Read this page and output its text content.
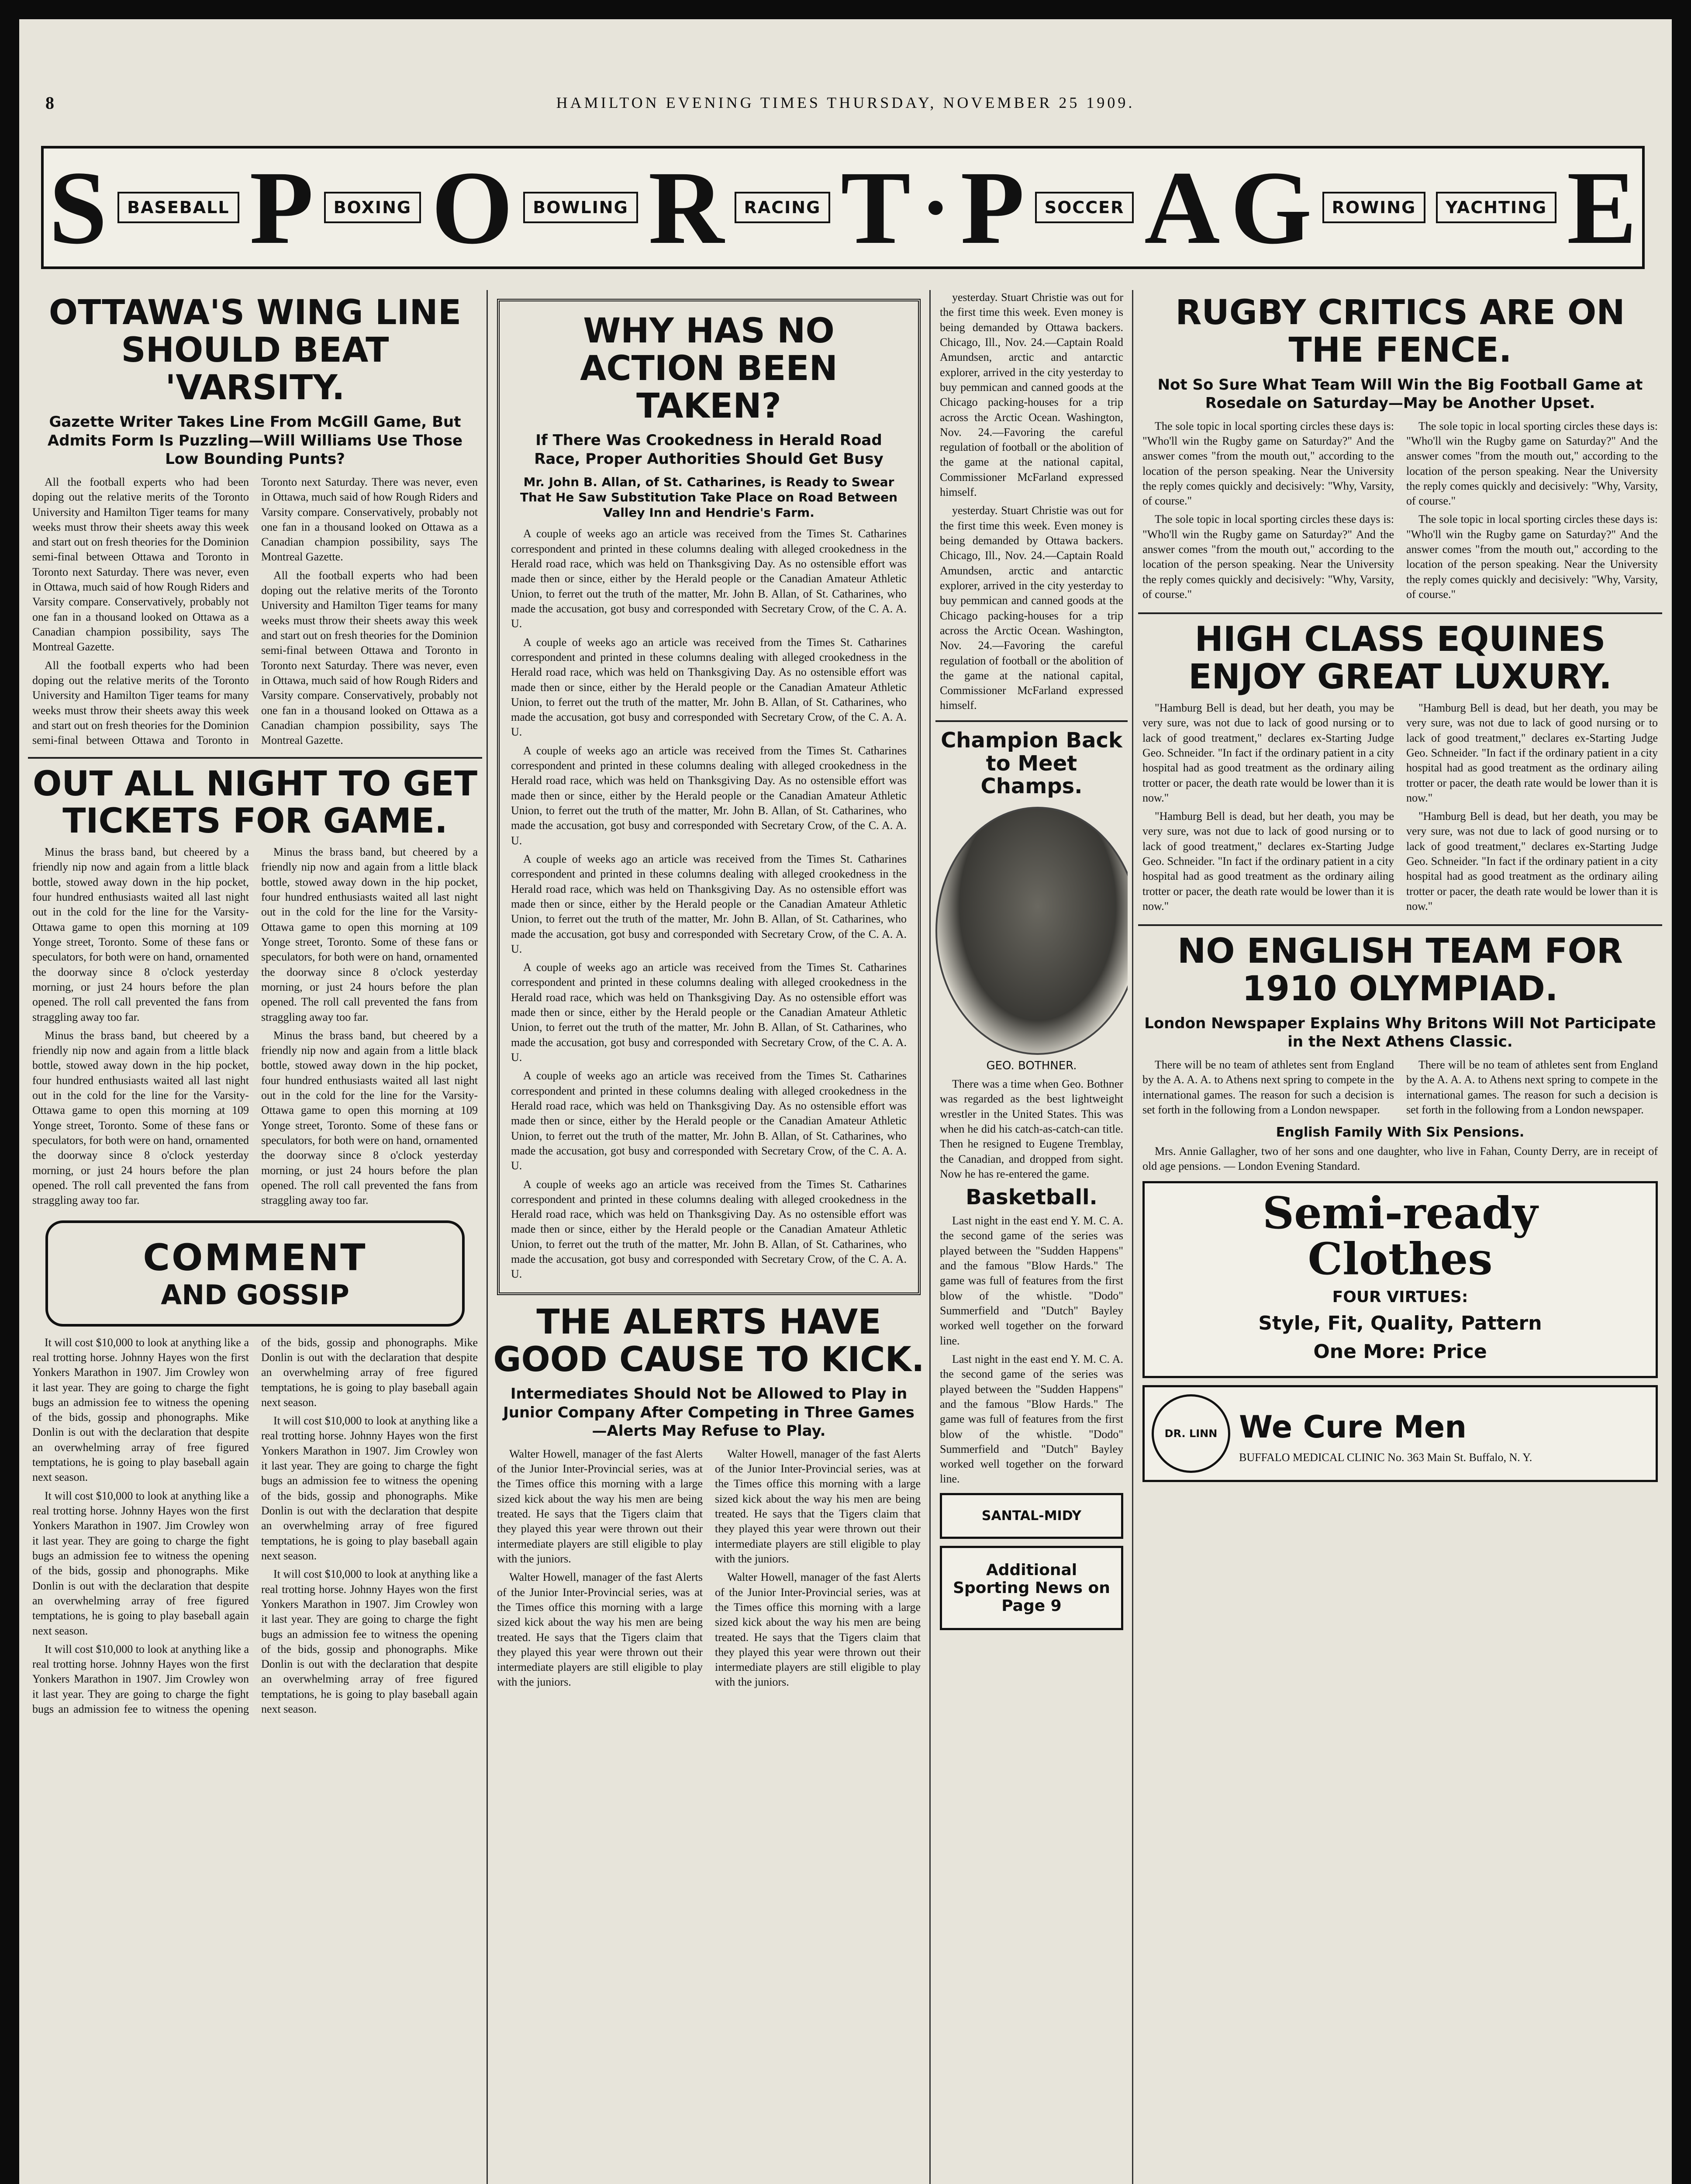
8	HAMILTON EVENING TIMES THURSDAY, NOVEMBER 25 1909.
S	BASEBALL P	BOXING O	BOWLING R	RACING T · P	SOCCER A G	ROWING	YACHTING E
OTTAWA'S WING LINE SHOULD BEAT 'VARSITY.
Gazette Writer Takes Line From McGill Game, But Admits Form Is Puzzling—Will Williams Use Those Low Bounding Punts?

All the football experts who had been doping out the relative merits of the Toronto University and Hamilton Tiger teams for many weeks must throw their sheets away this week and start out on fresh theories for the Dominion semi-final between Ottawa and Toronto in Toronto next Saturday. There was never, even in Ottawa, much said of how Rough Riders and Varsity compare. Conservatively, probably not one fan in a thousand looked on Ottawa as a Canadian champion possibility, says The Montreal Gazette.

All the football experts who had been doping out the relative merits of the Toronto University and Hamilton Tiger teams for many weeks must throw their sheets away this week and start out on fresh theories for the Dominion semi-final between Ottawa and Toronto in Toronto next Saturday. There was never, even in Ottawa, much said of how Rough Riders and Varsity compare. Conservatively, probably not one fan in a thousand looked on Ottawa as a Canadian champion possibility, says The Montreal Gazette.

All the football experts who had been doping out the relative merits of the Toronto University and Hamilton Tiger teams for many weeks must throw their sheets away this week and start out on fresh theories for the Dominion semi-final between Ottawa and Toronto in Toronto next Saturday. There was never, even in Ottawa, much said of how Rough Riders and Varsity compare. Conservatively, probably not one fan in a thousand looked on Ottawa as a Canadian champion possibility, says The Montreal Gazette.

OUT ALL NIGHT TO GET TICKETS FOR GAME.

Minus the brass band, but cheered by a friendly nip now and again from a little black bottle, stowed away down in the hip pocket, four hundred enthusiasts waited all last night out in the cold for the line for the Varsity-Ottawa game to open this morning at 109 Yonge street, Toronto. Some of these fans or speculators, for both were on hand, ornamented the doorway since 8 o'clock yesterday morning, or just 24 hours before the plan opened. The roll call prevented the fans from straggling away too far.

Minus the brass band, but cheered by a friendly nip now and again from a little black bottle, stowed away down in the hip pocket, four hundred enthusiasts waited all last night out in the cold for the line for the Varsity-Ottawa game to open this morning at 109 Yonge street, Toronto. Some of these fans or speculators, for both were on hand, ornamented the doorway since 8 o'clock yesterday morning, or just 24 hours before the plan opened. The roll call prevented the fans from straggling away too far.

Minus the brass band, but cheered by a friendly nip now and again from a little black bottle, stowed away down in the hip pocket, four hundred enthusiasts waited all last night out in the cold for the line for the Varsity-Ottawa game to open this morning at 109 Yonge street, Toronto. Some of these fans or speculators, for both were on hand, ornamented the doorway since 8 o'clock yesterday morning, or just 24 hours before the plan opened. The roll call prevented the fans from straggling away too far.

Minus the brass band, but cheered by a friendly nip now and again from a little black bottle, stowed away down in the hip pocket, four hundred enthusiasts waited all last night out in the cold for the line for the Varsity-Ottawa game to open this morning at 109 Yonge street, Toronto. Some of these fans or speculators, for both were on hand, ornamented the doorway since 8 o'clock yesterday morning, or just 24 hours before the plan opened. The roll call prevented the fans from straggling away too far.

COMMENT
AND GOSSIP

It will cost $10,000 to look at anything like a real trotting horse. Johnny Hayes won the first Yonkers Marathon in 1907. Jim Crowley won it last year. They are going to charge the fight bugs an admission fee to witness the opening of the bids, gossip and phonographs. Mike Donlin is out with the declaration that despite an overwhelming array of free figured temptations, he is going to play baseball again next season.

It will cost $10,000 to look at anything like a real trotting horse. Johnny Hayes won the first Yonkers Marathon in 1907. Jim Crowley won it last year. They are going to charge the fight bugs an admission fee to witness the opening of the bids, gossip and phonographs. Mike Donlin is out with the declaration that despite an overwhelming array of free figured temptations, he is going to play baseball again next season.

It will cost $10,000 to look at anything like a real trotting horse. Johnny Hayes won the first Yonkers Marathon in 1907. Jim Crowley won it last year. They are going to charge the fight bugs an admission fee to witness the opening of the bids, gossip and phonographs. Mike Donlin is out with the declaration that despite an overwhelming array of free figured temptations, he is going to play baseball again next season.

It will cost $10,000 to look at anything like a real trotting horse. Johnny Hayes won the first Yonkers Marathon in 1907. Jim Crowley won it last year. They are going to charge the fight bugs an admission fee to witness the opening of the bids, gossip and phonographs. Mike Donlin is out with the declaration that despite an overwhelming array of free figured temptations, he is going to play baseball again next season.

It will cost $10,000 to look at anything like a real trotting horse. Johnny Hayes won the first Yonkers Marathon in 1907. Jim Crowley won it last year. They are going to charge the fight bugs an admission fee to witness the opening of the bids, gossip and phonographs. Mike Donlin is out with the declaration that despite an overwhelming array of free figured temptations, he is going to play baseball again next season.

WHY HAS NO ACTION BEEN TAKEN?
If There Was Crookedness in Herald Road Race, Proper Authorities Should Get Busy
Mr. John B. Allan, of St. Catharines, is Ready to Swear That He Saw Substitution Take Place on Road Between Valley Inn and Hendrie's Farm.

A couple of weeks ago an article was received from the Times St. Catharines correspondent and printed in these columns dealing with alleged crookedness in the Herald road race, which was held on Thanksgiving Day. As no ostensible effort was made then or since, either by the Herald people or the Canadian Amateur Athletic Union, to ferret out the truth of the matter, Mr. John B. Allan, of St. Catharines, who made the accusation, got busy and corresponded with Secretary Crow, of the C. A. A. U.

A couple of weeks ago an article was received from the Times St. Catharines correspondent and printed in these columns dealing with alleged crookedness in the Herald road race, which was held on Thanksgiving Day. As no ostensible effort was made then or since, either by the Herald people or the Canadian Amateur Athletic Union, to ferret out the truth of the matter, Mr. John B. Allan, of St. Catharines, who made the accusation, got busy and corresponded with Secretary Crow, of the C. A. A. U.

A couple of weeks ago an article was received from the Times St. Catharines correspondent and printed in these columns dealing with alleged crookedness in the Herald road race, which was held on Thanksgiving Day. As no ostensible effort was made then or since, either by the Herald people or the Canadian Amateur Athletic Union, to ferret out the truth of the matter, Mr. John B. Allan, of St. Catharines, who made the accusation, got busy and corresponded with Secretary Crow, of the C. A. A. U.

A couple of weeks ago an article was received from the Times St. Catharines correspondent and printed in these columns dealing with alleged crookedness in the Herald road race, which was held on Thanksgiving Day. As no ostensible effort was made then or since, either by the Herald people or the Canadian Amateur Athletic Union, to ferret out the truth of the matter, Mr. John B. Allan, of St. Catharines, who made the accusation, got busy and corresponded with Secretary Crow, of the C. A. A. U.

A couple of weeks ago an article was received from the Times St. Catharines correspondent and printed in these columns dealing with alleged crookedness in the Herald road race, which was held on Thanksgiving Day. As no ostensible effort was made then or since, either by the Herald people or the Canadian Amateur Athletic Union, to ferret out the truth of the matter, Mr. John B. Allan, of St. Catharines, who made the accusation, got busy and corresponded with Secretary Crow, of the C. A. A. U.

A couple of weeks ago an article was received from the Times St. Catharines correspondent and printed in these columns dealing with alleged crookedness in the Herald road race, which was held on Thanksgiving Day. As no ostensible effort was made then or since, either by the Herald people or the Canadian Amateur Athletic Union, to ferret out the truth of the matter, Mr. John B. Allan, of St. Catharines, who made the accusation, got busy and corresponded with Secretary Crow, of the C. A. A. U.

A couple of weeks ago an article was received from the Times St. Catharines correspondent and printed in these columns dealing with alleged crookedness in the Herald road race, which was held on Thanksgiving Day. As no ostensible effort was made then or since, either by the Herald people or the Canadian Amateur Athletic Union, to ferret out the truth of the matter, Mr. John B. Allan, of St. Catharines, who made the accusation, got busy and corresponded with Secretary Crow, of the C. A. A. U.

THE ALERTS HAVE GOOD CAUSE TO KICK.
Intermediates Should Not be Allowed to Play in Junior Company After Competing in Three Games—Alerts May Refuse to Play.

Walter Howell, manager of the fast Alerts of the Junior Inter-Provincial series, was at the Times office this morning with a large sized kick about the way his men are being treated. He says that the Tigers claim that they played this year were thrown out their intermediate players are still eligible to play with the juniors.

Walter Howell, manager of the fast Alerts of the Junior Inter-Provincial series, was at the Times office this morning with a large sized kick about the way his men are being treated. He says that the Tigers claim that they played this year were thrown out their intermediate players are still eligible to play with the juniors.

Walter Howell, manager of the fast Alerts of the Junior Inter-Provincial series, was at the Times office this morning with a large sized kick about the way his men are being treated. He says that the Tigers claim that they played this year were thrown out their intermediate players are still eligible to play with the juniors.

Walter Howell, manager of the fast Alerts of the Junior Inter-Provincial series, was at the Times office this morning with a large sized kick about the way his men are being treated. He says that the Tigers claim that they played this year were thrown out their intermediate players are still eligible to play with the juniors.

yesterday. Stuart Christie was out for the first time this week. Even money is being demanded by Ottawa backers. Chicago, Ill., Nov. 24.—Captain Roald Amundsen, arctic and antarctic explorer, arrived in the city yesterday to buy pemmican and canned goods at the Chicago packing-houses for a trip across the Arctic Ocean. Washington, Nov. 24.—Favoring the careful regulation of football or the abolition of the game at the national capital, Commissioner McFarland expressed himself.

yesterday. Stuart Christie was out for the first time this week. Even money is being demanded by Ottawa backers. Chicago, Ill., Nov. 24.—Captain Roald Amundsen, arctic and antarctic explorer, arrived in the city yesterday to buy pemmican and canned goods at the Chicago packing-houses for a trip across the Arctic Ocean. Washington, Nov. 24.—Favoring the careful regulation of football or the abolition of the game at the national capital, Commissioner McFarland expressed himself.

Champion Back to Meet Champs.
GEO. BOTHNER.

There was a time when Geo. Bothner was regarded as the best lightweight wrestler in the United States. This was when he did his catch-as-catch-can title. Then he resigned to Eugene Tremblay, the Canadian, and dropped from sight. Now he has re-entered the game.

Basketball.

Last night in the east end Y. M. C. A. the second game of the series was played between the "Sudden Happens" and the famous "Blow Hards." The game was full of features from the first blow of the whistle. "Dodo" Summerfield and "Dutch" Bayley worked well together on the forward line.

Last night in the east end Y. M. C. A. the second game of the series was played between the "Sudden Happens" and the famous "Blow Hards." The game was full of features from the first blow of the whistle. "Dodo" Summerfield and "Dutch" Bayley worked well together on the forward line.

SANTAL-MIDY
Additional Sporting News on Page 9
RUGBY CRITICS ARE ON THE FENCE.
Not So Sure What Team Will Win the Big Football Game at Rosedale on Saturday—May be Another Upset.

The sole topic in local sporting circles these days is: "Who'll win the Rugby game on Saturday?" And the answer comes "from the mouth out," according to the location of the person speaking. Near the University the reply comes quickly and decisively: "Why, Varsity, of course."

The sole topic in local sporting circles these days is: "Who'll win the Rugby game on Saturday?" And the answer comes "from the mouth out," according to the location of the person speaking. Near the University the reply comes quickly and decisively: "Why, Varsity, of course."

The sole topic in local sporting circles these days is: "Who'll win the Rugby game on Saturday?" And the answer comes "from the mouth out," according to the location of the person speaking. Near the University the reply comes quickly and decisively: "Why, Varsity, of course."

The sole topic in local sporting circles these days is: "Who'll win the Rugby game on Saturday?" And the answer comes "from the mouth out," according to the location of the person speaking. Near the University the reply comes quickly and decisively: "Why, Varsity, of course."

HIGH CLASS EQUINES ENJOY GREAT LUXURY.

"Hamburg Bell is dead, but her death, you may be very sure, was not due to lack of good nursing or to lack of good treatment," declares ex-Starting Judge Geo. Schneider. "In fact if the ordinary patient in a city hospital had as good treatment as the ordinary ailing trotter or pacer, the death rate would be lower than it is now."

"Hamburg Bell is dead, but her death, you may be very sure, was not due to lack of good nursing or to lack of good treatment," declares ex-Starting Judge Geo. Schneider. "In fact if the ordinary patient in a city hospital had as good treatment as the ordinary ailing trotter or pacer, the death rate would be lower than it is now."

"Hamburg Bell is dead, but her death, you may be very sure, was not due to lack of good nursing or to lack of good treatment," declares ex-Starting Judge Geo. Schneider. "In fact if the ordinary patient in a city hospital had as good treatment as the ordinary ailing trotter or pacer, the death rate would be lower than it is now."

"Hamburg Bell is dead, but her death, you may be very sure, was not due to lack of good nursing or to lack of good treatment," declares ex-Starting Judge Geo. Schneider. "In fact if the ordinary patient in a city hospital had as good treatment as the ordinary ailing trotter or pacer, the death rate would be lower than it is now."

NO ENGLISH TEAM FOR 1910 OLYMPIAD.
London Newspaper Explains Why Britons Will Not Participate in the Next Athens Classic.

There will be no team of athletes sent from England by the A. A. A. to Athens next spring to compete in the international games. The reason for such a decision is set forth in the following from a London newspaper.

There will be no team of athletes sent from England by the A. A. A. to Athens next spring to compete in the international games. The reason for such a decision is set forth in the following from a London newspaper.

English Family With Six Pensions.

Mrs. Annie Gallagher, two of her sons and one daughter, who live in Fahan, County Derry, are in receipt of old age pensions. — London Evening Standard.

Semi-ready
Clothes
FOUR VIRTUES:
Style, Fit, Quality, Pattern
One More: Price
DR. LINN We Cure Men
BUFFALO MEDICAL CLINIC No. 363 Main St. Buffalo, N. Y.
